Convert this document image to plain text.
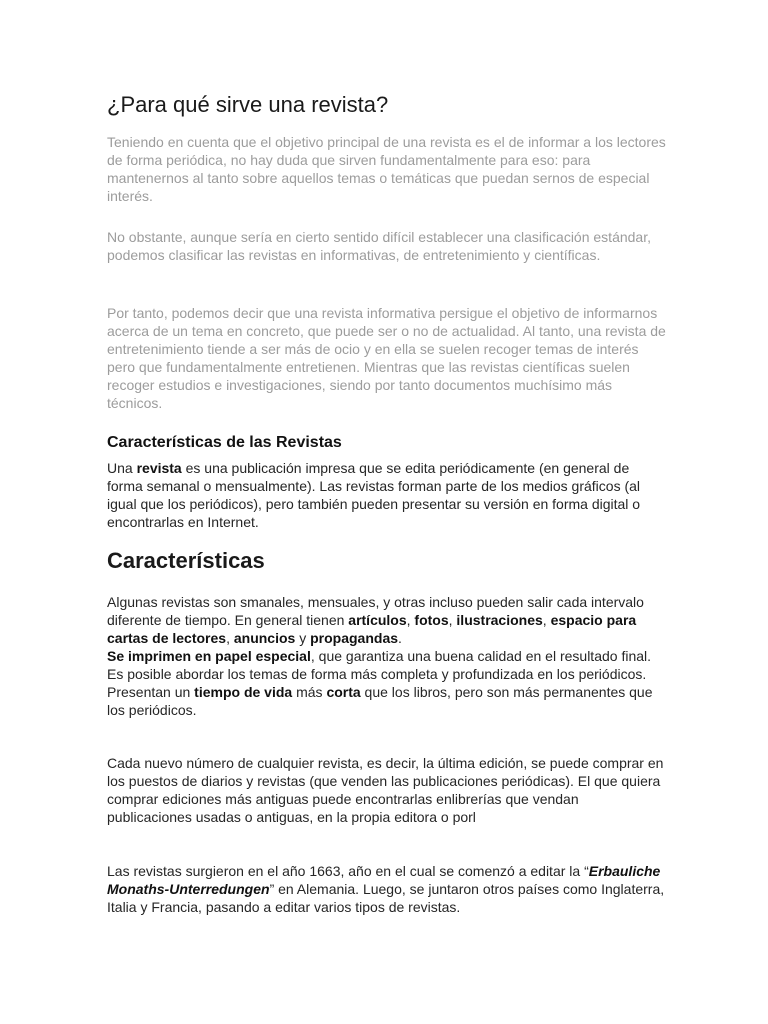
¿Para qué sirve una revista?

Teniendo en cuenta que el objetivo principal de una revista es el de informar a los lectores de forma periódica, no hay duda que sirven fundamentalmente para eso: para mantenernos al tanto sobre aquellos temas o temáticas que puedan sernos de especial interés.

No obstante, aunque sería en cierto sentido difícil establecer una clasificación estándar, podemos clasificar las revistas en informativas, de entretenimiento y científicas.

Por tanto, podemos decir que una revista informativa persigue el objetivo de informarnos acerca de un tema en concreto, que puede ser o no de actualidad. Al tanto, una revista de entretenimiento tiende a ser más de ocio y en ella se suelen recoger temas de interés pero que fundamentalmente entretienen. Mientras que las revistas científicas suelen recoger estudios e investigaciones, siendo por tanto documentos muchísimo más técnicos.

Características de las Revistas

Una revista es una publicación impresa que se edita periódicamente (en general de forma semanal o mensualmente). Las revistas forman parte de los medios gráficos (al igual que los periódicos), pero también pueden presentar su versión en forma digital o encontrarlas en Internet.

Características

Algunas revistas son smanales, mensuales, y otras incluso pueden salir cada intervalo diferente de tiempo. En general tienen artículos, fotos, ilustraciones, espacio para cartas de lectores, anuncios y propagandas.
Se imprimen en papel especial, que garantiza una buena calidad en el resultado final. Es posible abordar los temas de forma más completa y profundizada en los periódicos. Presentan un tiempo de vida más corta que los libros, pero son más permanentes que los periódicos.

Cada nuevo número de cualquier revista, es decir, la última edición, se puede comprar en los puestos de diarios y revistas (que venden las publicaciones periódicas). El que quiera comprar ediciones más antiguas puede encontrarlas enlibrerías que vendan publicaciones usadas o antiguas, en la propia editora o porl

Las revistas surgieron en el año 1663, año en el cual se comenzó a editar la “Erbauliche Monaths-Unterredungen” en Alemania. Luego, se juntaron otros países como Inglaterra, Italia y Francia, pasando a editar varios tipos de revistas.
